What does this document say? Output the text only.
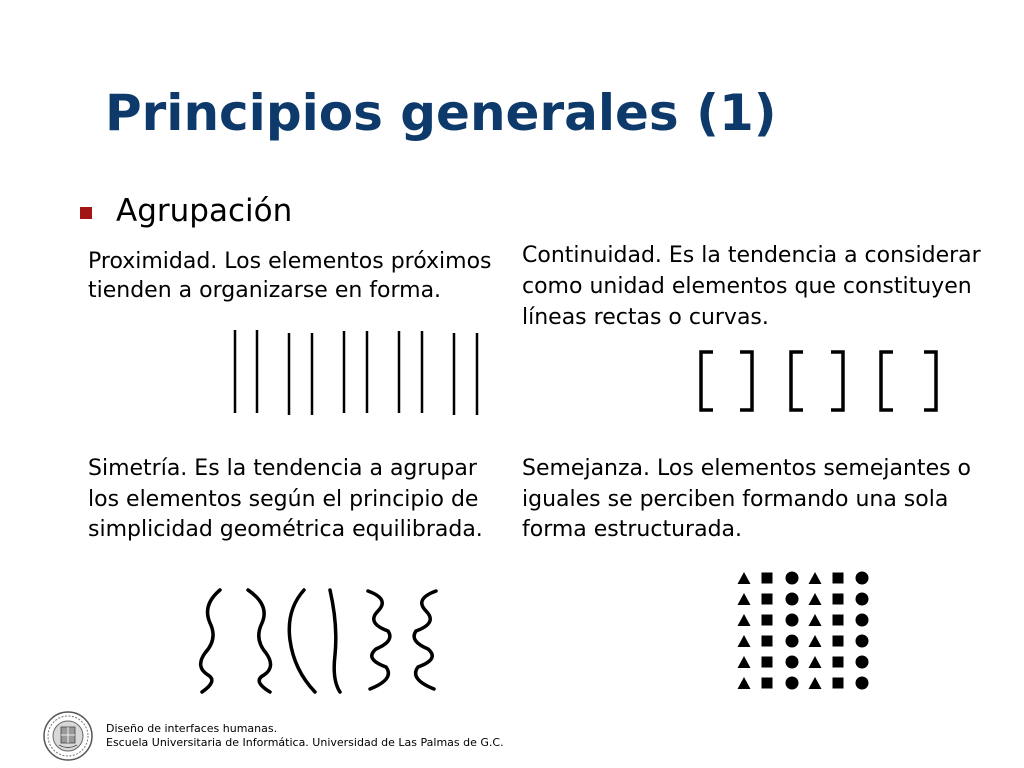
Principios generales (1)
Agrupación

Proximidad. Los elementos próximos tienden a organizarse en forma.

Continuidad. Es la tendencia a considerar como unidad elementos que constituyen líneas rectas o curvas.

Simetría. Es la tendencia a agrupar los elementos según el principio de simplicidad geométrica equilibrada.

Semejanza. Los elementos semejantes o iguales se perciben formando una sola forma estructurada.

Diseño de interfaces humanas.
Escuela Universitaria de Informática. Universidad de Las Palmas de G.C.
